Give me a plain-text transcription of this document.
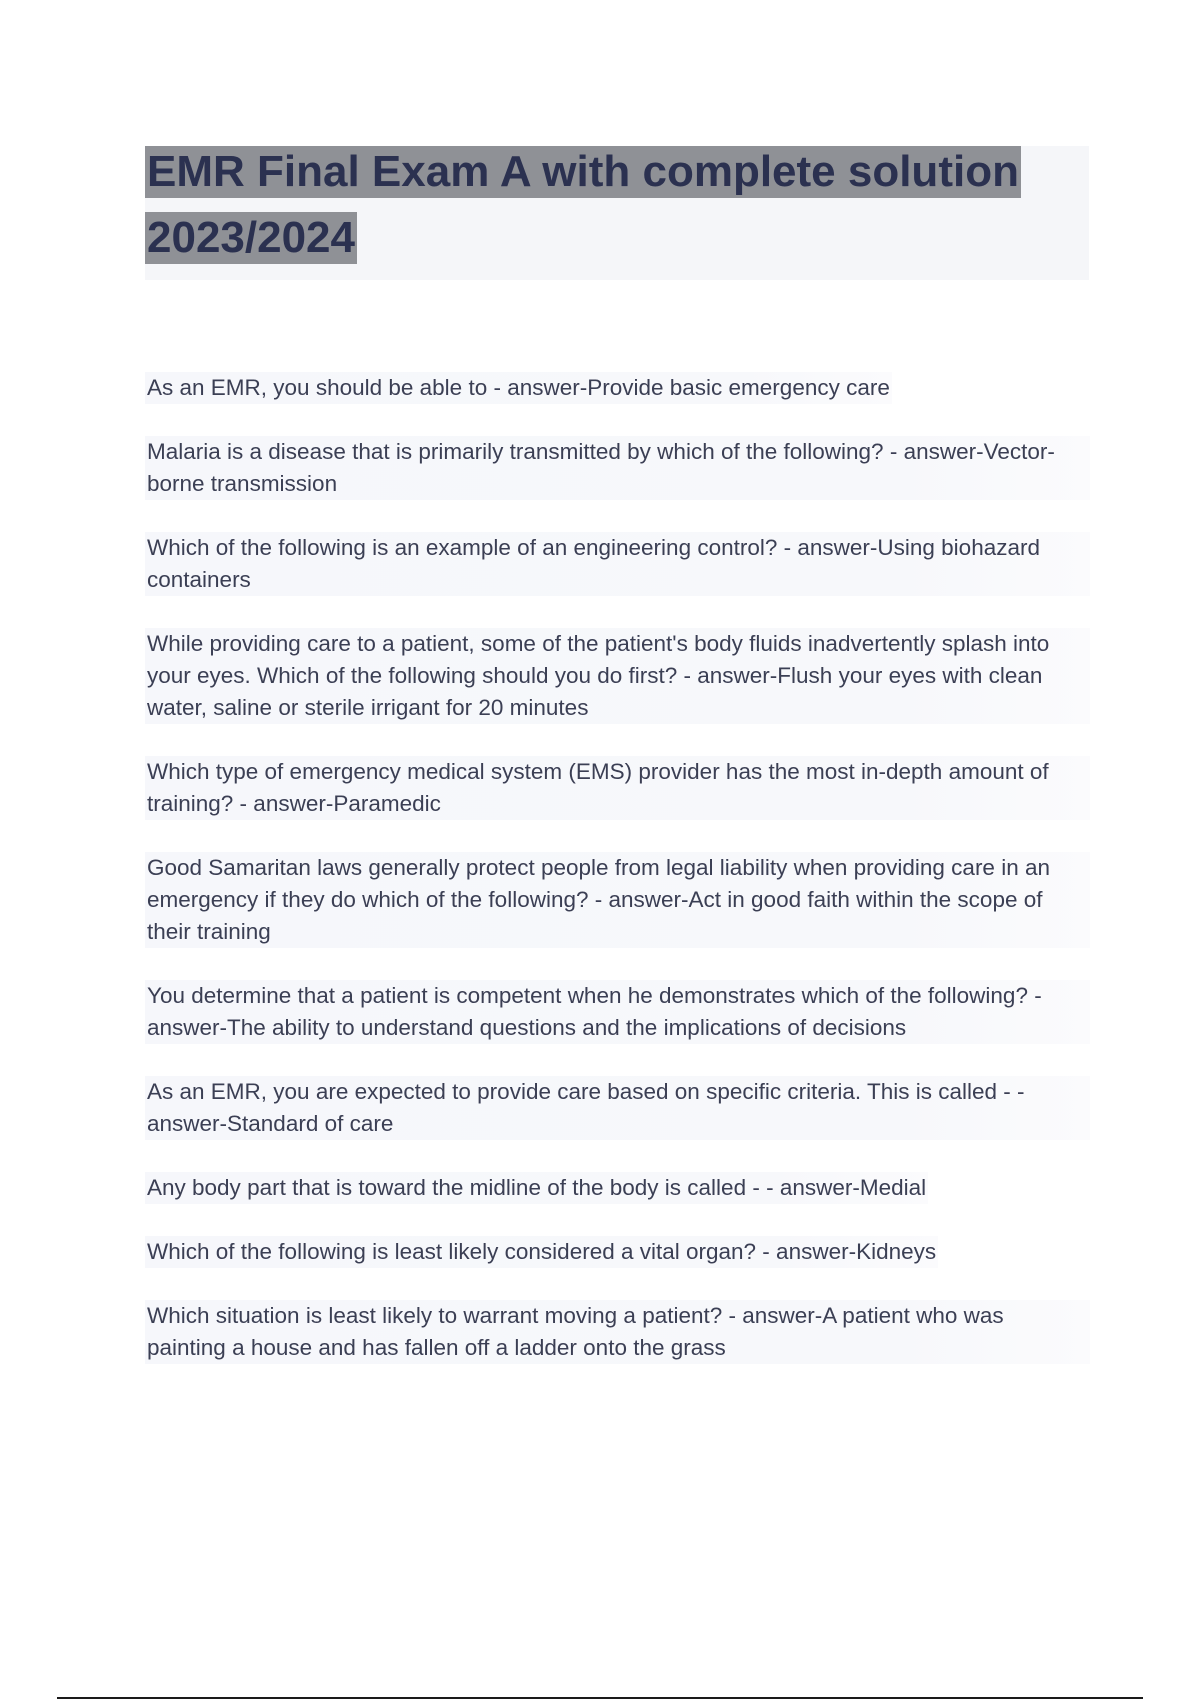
EMR Final Exam A with complete solution
2023/2024
As an EMR, you should be able to - answer-Provide basic emergency care
Malaria is a disease that is primarily transmitted by which of the following? - answer-Vector-borne transmission
Which of the following is an example of an engineering control? - answer-Using biohazard containers
While providing care to a patient, some of the patient's body fluids inadvertently splash into your eyes. Which of the following should you do first? - answer-Flush your eyes with clean water, saline or sterile irrigant for 20 minutes
Which type of emergency medical system (EMS) provider has the most in-depth amount of training? - answer-Paramedic
Good Samaritan laws generally protect people from legal liability when providing care in an emergency if they do which of the following? - answer-Act in good faith within the scope of their training
You determine that a patient is competent when he demonstrates which of the following? - answer-The ability to understand questions and the implications of decisions
As an EMR, you are expected to provide care based on specific criteria. This is called - - answer-Standard of care
Any body part that is toward the midline of the body is called - - answer-Medial
Which of the following is least likely considered a vital organ? - answer-Kidneys
Which situation is least likely to warrant moving a patient? - answer-A patient who was painting a house and has fallen off a ladder onto the grass
